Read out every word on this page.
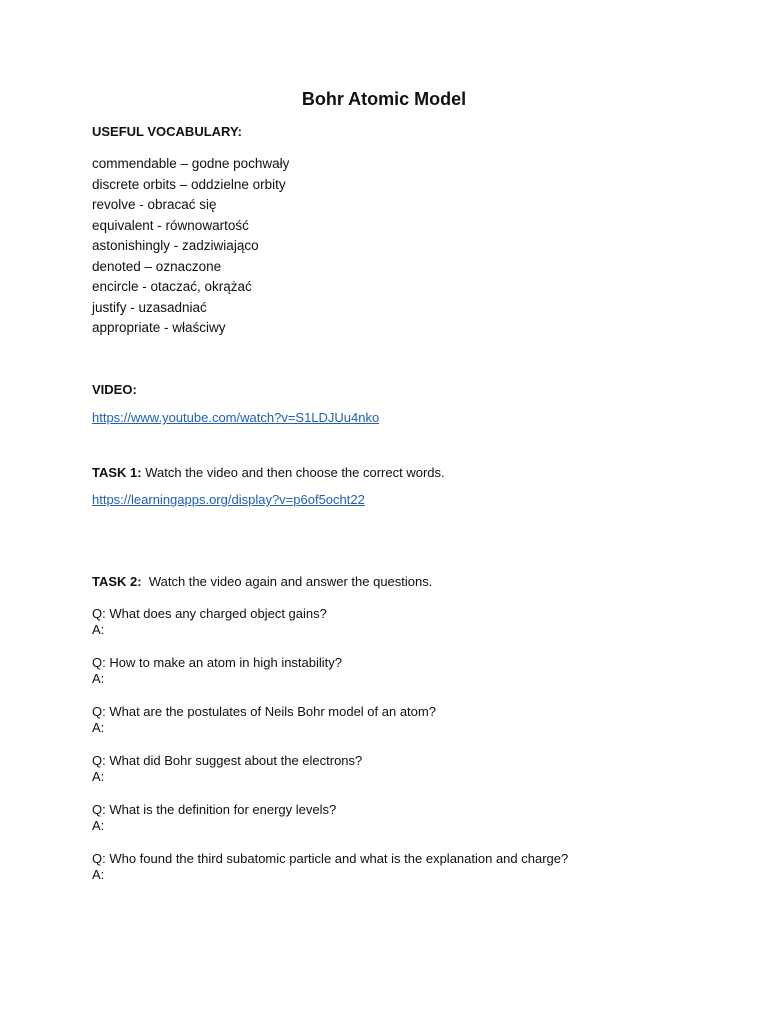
Bohr Atomic Model
USEFUL VOCABULARY:
commendable – godne pochwały
discrete orbits – oddzielne orbity
revolve - obracać się
equivalent - równowartość
astonishingly - zadziwiająco
denoted – oznaczone
encircle - otaczać, okrążać
justify - uzasadniać
appropriate - właściwy
VIDEO:
https://www.youtube.com/watch?v=S1LDJUu4nko
TASK 1: Watch the video and then choose the correct words.
https://learningapps.org/display?v=p6of5ocht22
TASK 2:  Watch the video again and answer the questions.
Q: What does any charged object gains?
A:
Q: How to make an atom in high instability?
A:
Q: What are the postulates of Neils Bohr model of an atom?
A:
Q: What did Bohr suggest about the electrons?
A:
Q: What is the definition for energy levels?
A:
Q: Who found the third subatomic particle and what is the explanation and charge?
A:
